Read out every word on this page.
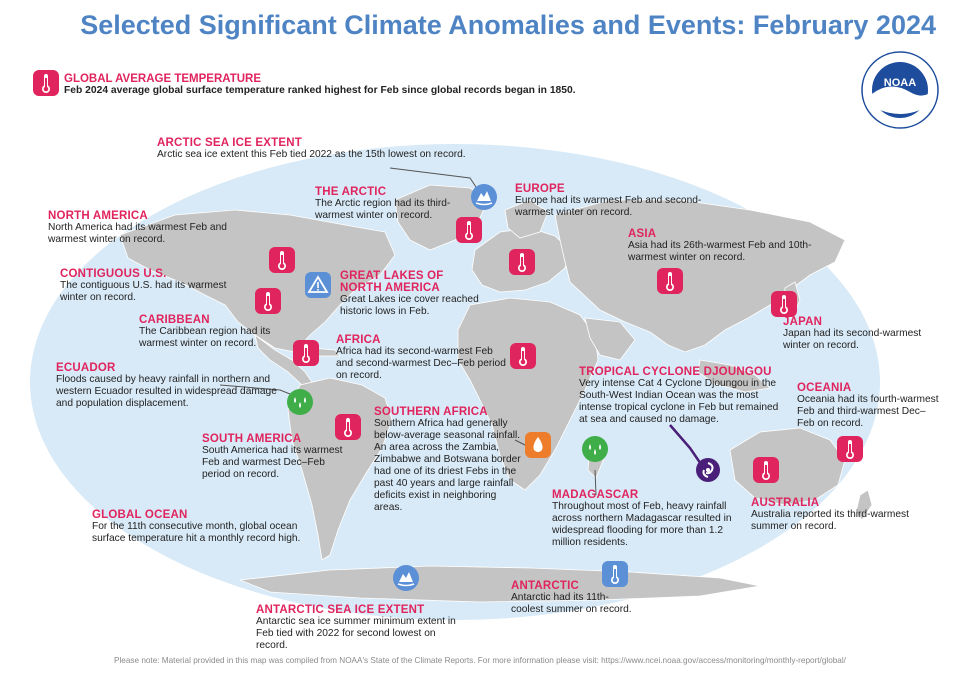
Selected Significant Climate Anomalies and Events: February 2024
GLOBAL AVERAGE TEMPERATURE
Feb 2024 average global surface temperature ranked highest for Feb since global records began in 1850.
NOAA
ARCTIC SEA ICE EXTENT
Arctic sea ice extent this Feb tied 2022 as the 15th lowest on record.
THE ARCTIC
The Arctic region had its third-warmest winter on record.
EUROPE
Europe had its warmest Feb and second-warmest winter on record.
NORTH AMERICA
North America had its warmest Feb and warmest winter on record.	ASIA
Asia had its 26th-warmest Feb and 10th-warmest winter on record.
CONTIGUOUS U.S.
The contiguous U.S. had its warmest winter on record.
GREAT LAKES OF NORTH AMERICA
Great Lakes ice cover reached historic lows in Feb.
JAPAN
Japan had its second-warmest winter on record.
CARIBBEAN
The Caribbean region had its warmest winter on record.	AFRICA
Africa had its second-warmest Feb and second-warmest Dec–Feb period on record.
ECUADOR
Floods caused by heavy rainfall in northern and western Ecuador resulted in widespread damage and population displacement.
TROPICAL CYCLONE DJOUNGOU
Very intense Cat 4 Cyclone Djoungou in the South-West Indian Ocean was the most intense tropical cyclone in Feb but remained at sea and caused no damage.
OCEANIA
Oceania had its fourth-warmest Feb and third-warmest Dec–Feb on record.
SOUTHERN AFRICA
Southern Africa had generally below-average seasonal rainfall. An area across the Zambia, Zimbabwe and Botswana border had one of its driest Febs in the past 40 years and large rainfall deficits exist in neighboring areas.
SOUTH AMERICA
South America had its warmest Feb and warmest Dec–Feb period on record.
MADAGASCAR
Throughout most of Feb, heavy rainfall across northern Madagascar resulted in widespread flooding for more than 1.2 million residents.
AUSTRALIA
Australia reported its third-warmest summer on record.
GLOBAL OCEAN
For the 11th consecutive month, global ocean surface temperature hit a monthly record high.
ANTARCTIC
Antarctic had its 11th-coolest summer on record.
ANTARCTIC SEA ICE EXTENT
Antarctic sea ice summer minimum extent in Feb tied with 2022 for second lowest on record.
Please note: Material provided in this map was compiled from NOAA's State of the Climate Reports. For more information please visit: https://www.ncei.noaa.gov/access/monitoring/monthly-report/global/
